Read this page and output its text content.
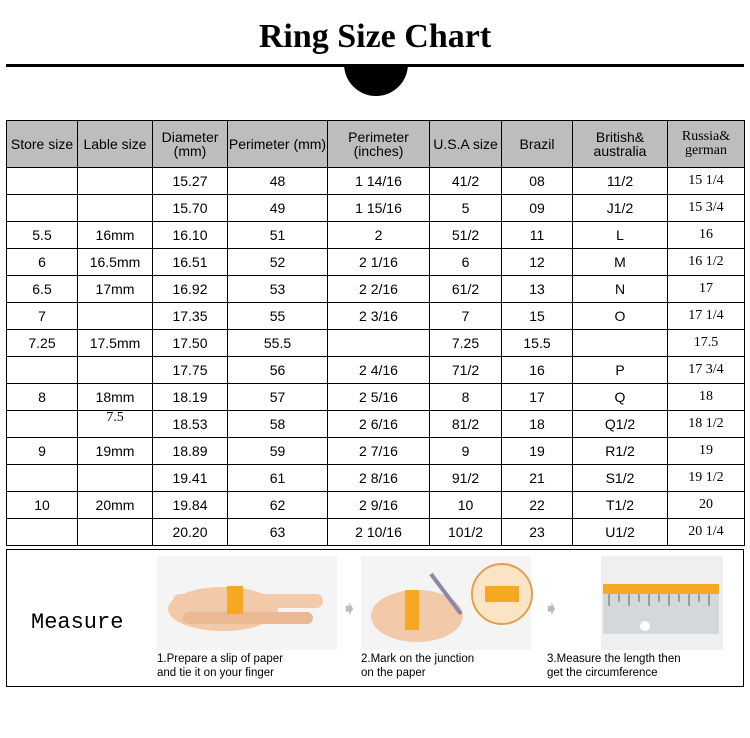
Ring Size Chart
Store size	Lable size	Diameter (mm)	Perimeter (mm)	Perimeter (inches)	U.S.A size	Brazil	British& australia	Russia& german
		15.27	48	1 14/16	41/2	08	11/2	15 1/4
		15.70	49	1 15/16	5	09	J1/2	15 3/4
5.5	16mm	16.10	51	2	51/2	11	L	16
6	16.5mm	16.51	52	2 1/16	6	12	M	16 1/2
6.5	17mm	16.92	53	2 2/16	61/2	13	N	17
7		17.35	55	2 3/16	7	15	O	17 1/4
7.25	17.5mm	17.50	55.5		7.25	15.5		17.5
		17.75	56	2 4/16	71/2	16	P	17 3/4
8	18mm	18.19	57	2 5/16	8	17	Q	18
	7.5	18.53	58	2 6/16	81/2	18	Q1/2	18 1/2
9	19mm	18.89	59	2 7/16	9	19	R1/2	19
		19.41	61	2 8/16	91/2	21	S1/2	19 1/2
10	20mm	19.84	62	2 9/16	10	22	T1/2	20
		20.20	63	2 10/16	101/2	23	U1/2	20 1/4
Measure
1.Prepare a slip of paper
and tie it on your finger
➧
2.Mark on the junction
on the paper
➧
3.Measure the length then
get the circumference
